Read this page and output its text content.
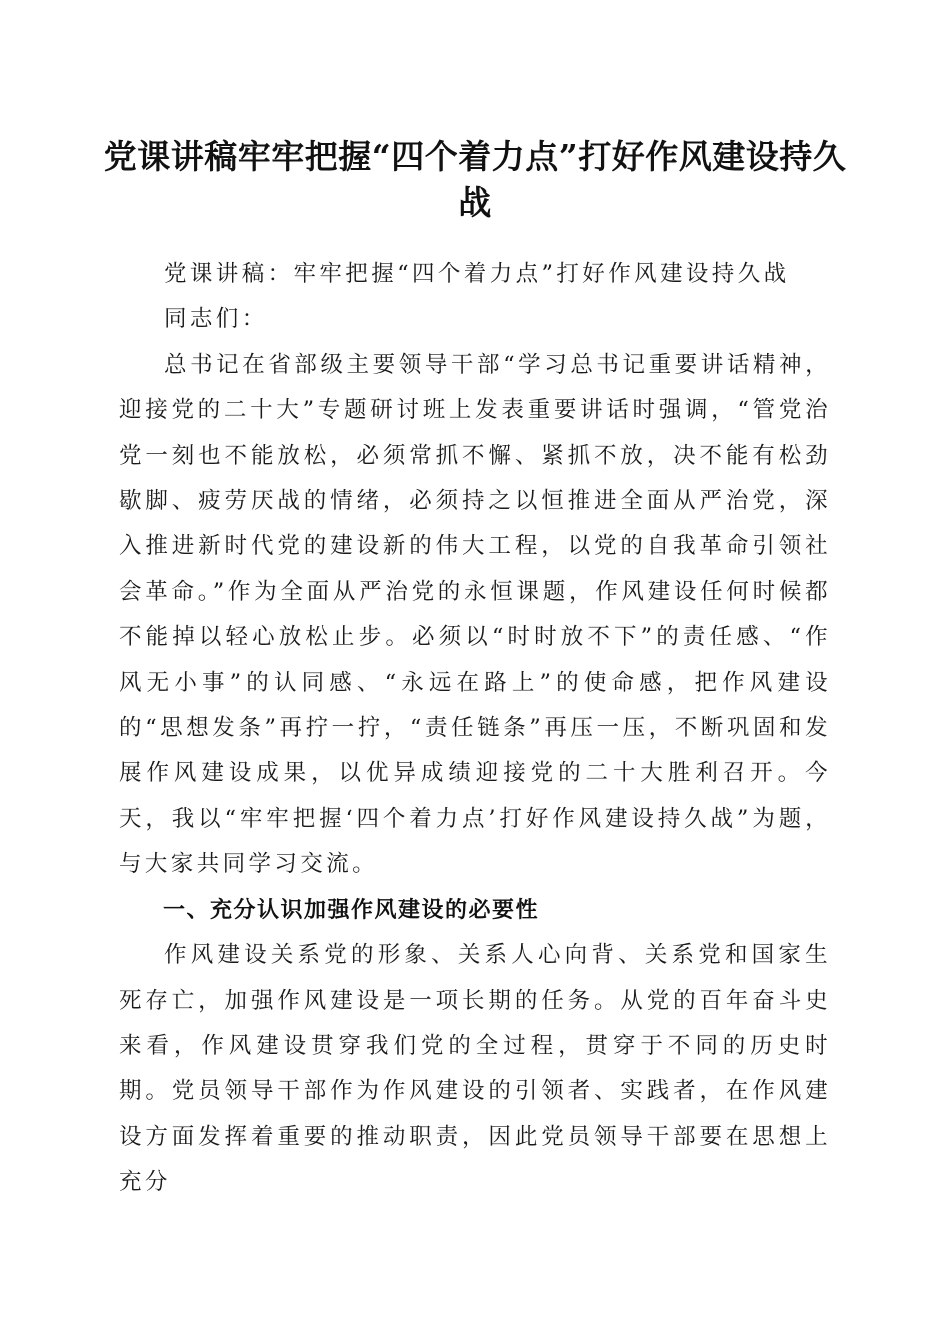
党课讲稿牢牢把握“四个着力点”打好作风建设持久战

党课讲稿：牢牢把握“四个着力点”打好作风建设持久战

同志们：

总书记在省部级主要领导干部“学习总书记重要讲话精神，迎接党的二十大”专题研讨班上发表重要讲话时强调，“管党治党一刻也不能放松，必须常抓不懈、紧抓不放，决不能有松劲歇脚、疲劳厌战的情绪，必须持之以恒推进全面从严治党，深入推进新时代党的建设新的伟大工程，以党的自我革命引领社会革命。”作为全面从严治党的永恒课题，作风建设任何时候都不能掉以轻心放松止步。必须以“时时放不下”的责任感、“作风无小事”的认同感、“永远在路上”的使命感，把作风建设的“思想发条”再拧一拧，“责任链条”再压一压，不断巩固和发展作风建设成果，以优异成绩迎接党的二十大胜利召开。今天，我以“牢牢把握‘四个着力点’打好作风建设持久战”为题，与大家共同学习交流。

一、充分认识加强作风建设的必要性

作风建设关系党的形象、关系人心向背、关系党和国家生死存亡，加强作风建设是一项长期的任务。从党的百年奋斗史来看，作风建设贯穿我们党的全过程，贯穿于不同的历史时期。党员领导干部作为作风建设的引领者、实践者，在作风建设方面发挥着重要的推动职责，因此党员领导干部要在思想上充分
